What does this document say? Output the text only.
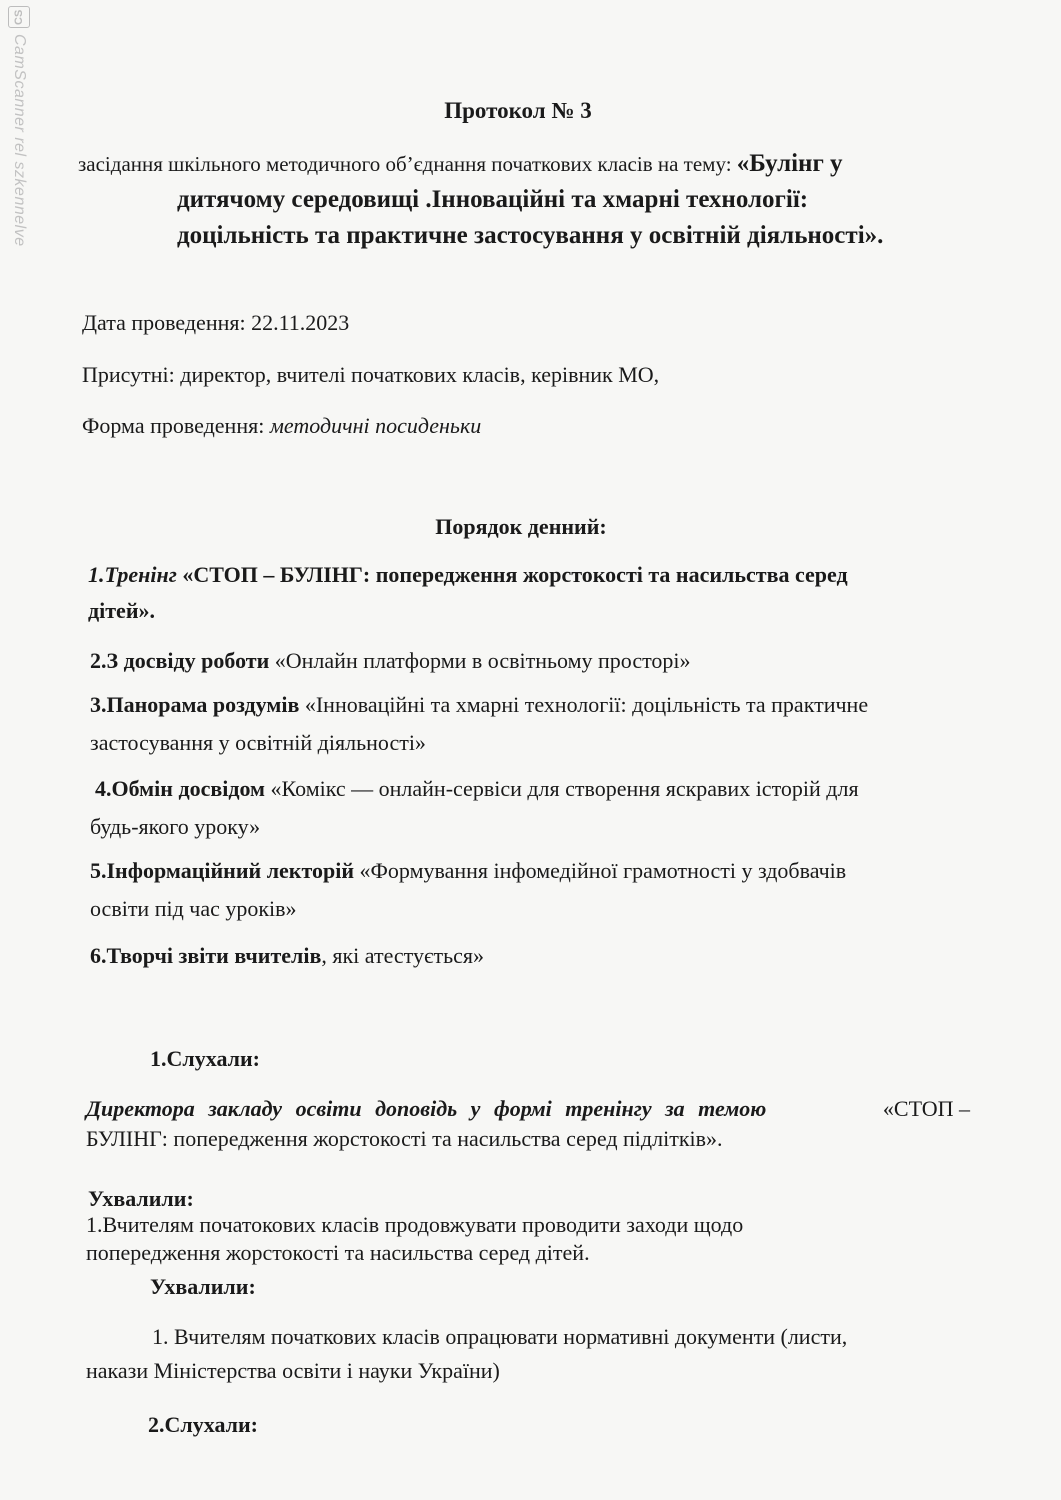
CS
CamScanner rel szkennelve	Протокол № 3
засідання шкільного методичного об’єднання початкових класів на тему: «Булінг у
дитячому середовищі .Інноваційні та хмарні технології:
доцільність та практичне застосування у освітній діяльності».
Дата проведення: 22.11.2023
Присутні: директор, вчителі початкових класів, керівник МО,
Форма проведення: методичні посиденьки
Порядок денний:
1.Тренінг «СТОП – БУЛІНГ: попередження жорстокості та насильства серед
дітей».
2.З досвіду роботи «Онлайн платформи в освітньому просторі»
3.Панорама роздумів «Інноваційні та хмарні технології: доцільність та практичне
застосування у освітній діяльності»
4.Обмін досвідом «Комікс — онлайн-сервіси для створення яскравих історій для
будь-якого уроку»
5.Інформаційний лекторій «Формування інфомедійної грамотності у здобвачів
освіти під час уроків»
6.Творчі звіти вчителів, які атестується»
1.Слухали:
Директора закладу освіти доповідь у формі тренінгу за темою	«СТОП –
БУЛІНГ: попередження жорстокості та насильства серед підлітків».
Ухвалили:
1.Вчителям початокових класів продовжувати проводити заходи щодо
попередження жорстокості та насильства серед дітей.
Ухвалили:
1. Вчителям початкових класів опрацювати нормативні документи (листи,
накази Міністерства освіти і науки України)
2.Слухали:
